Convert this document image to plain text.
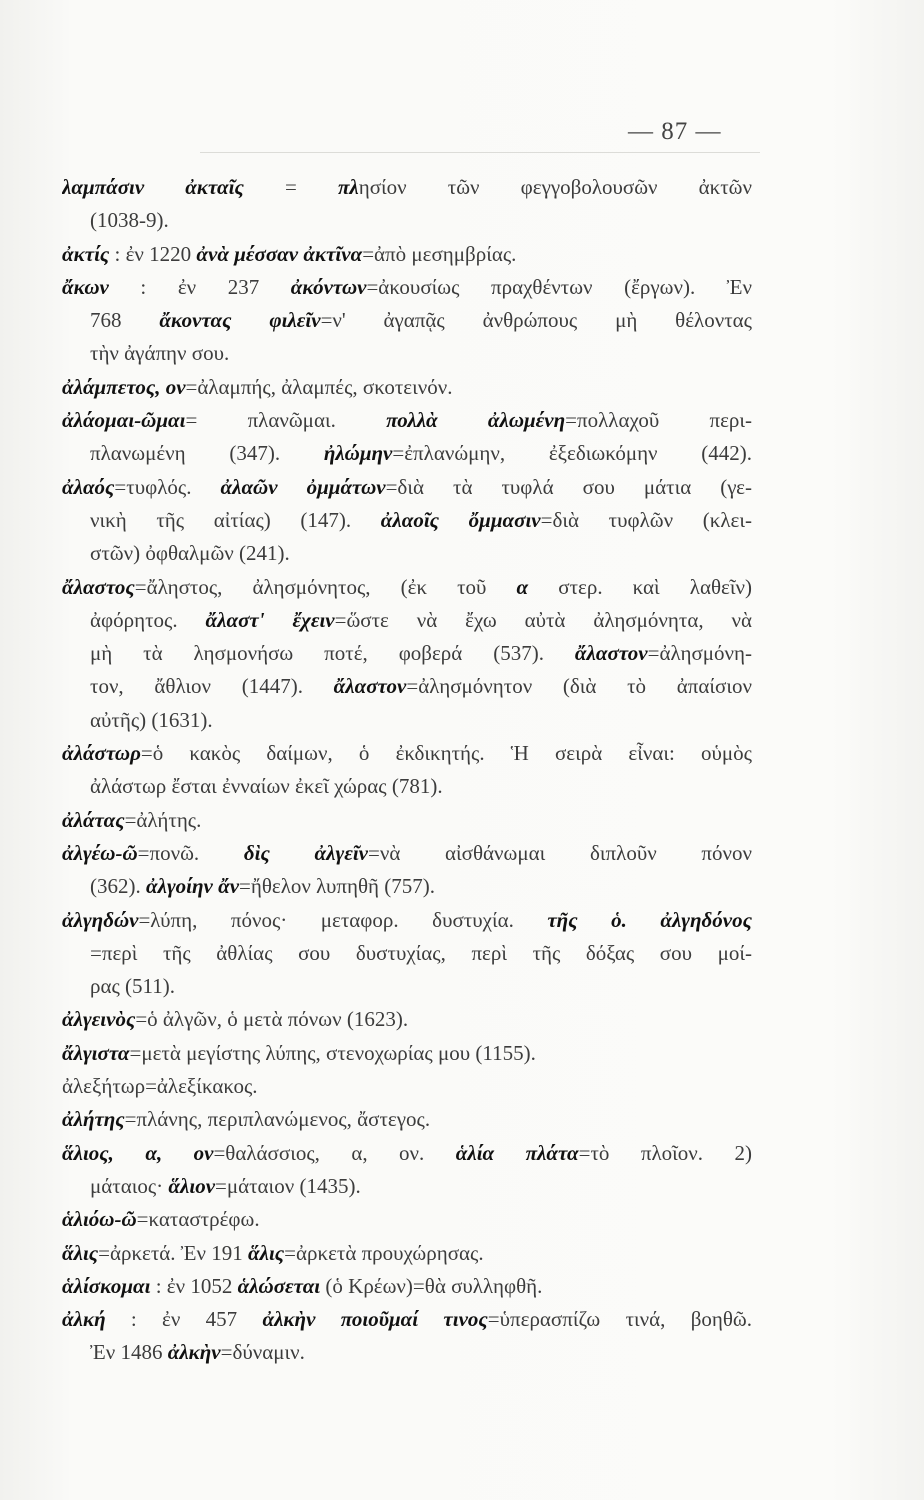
— 87 —
λαμπάσιν ἀκταῖς = πλησίον τῶν φεγγοβολουσῶν ἀκτῶν
(1038-9).
ἀκτίς : ἐν 1220 ἀνὰ μέσσαν ἀκτῖνα=ἀπὸ μεσημβρίας.
ἄκων : ἐν 237 ἀκόντων=ἀκουσίως πραχθέντων (ἔργων). Ἐν
768 ἄκοντας φιλεῖν=ν' ἀγαπᾷς ἀνθρώπους μὴ θέλοντας
τὴν ἀγάπην σου.
ἀλάμπετος, ον=ἀλαμπής, ἀλαμπές, σκοτεινόν.
ἀλάομαι-ῶμαι= πλανῶμαι. πολλὰ ἀλωμένη=πολλαχοῦ περι-
πλανωμένη (347). ἠλώμην=ἐπλανώμην, ἐξεδιωκόμην (442).
ἀλαός=τυφλός. ἀλαῶν ὀμμάτων=διὰ τὰ τυφλά σου μάτια (γε-
νικὴ τῆς αἰτίας) (147). ἀλαοῖς ὄμμασιν=διὰ τυφλῶν (κλει-
στῶν) ὀφθαλμῶν (241).
ἄλαστος=ἄληστος, ἀλησμόνητος, (ἐκ τοῦ α στερ. καὶ λαθεῖν)
ἀφόρητος. ἄλαστ' ἔχειν=ὥστε νὰ ἔχω αὐτὰ ἀλησμόνητα, νὰ
μὴ τὰ λησμονήσω ποτέ, φοβερά (537). ἄλαστον=ἀλησμόνη-
τον, ἄθλιον (1447). ἄλαστον=ἀλησμόνητον (διὰ τὸ ἀπαίσιον
αὐτῆς) (1631).
ἀλάστωρ=ὁ κακὸς δαίμων, ὁ ἐκδικητής. Ἡ σειρὰ εἶναι: οὑμὸς
ἀλάστωρ ἔσται ἐνναίων ἐκεῖ χώρας (781).
ἀλάτας=ἀλήτης.
ἀλγέω-ῶ=πονῶ. δὶς ἀλγεῖν=νὰ αἰσθάνωμαι διπλοῦν πόνον
(362). ἀλγοίην ἄν=ἤθελον λυπηθῆ (757).
ἀλγηδών=λύπη, πόνος· μεταφορ. δυστυχία. τῆς ὁ. ἀλγηδόνος
=περὶ τῆς ἀθλίας σου δυστυχίας, περὶ τῆς δόξας σου μοί-
ρας (511).
ἀλγεινὸς=ὁ ἀλγῶν, ὁ μετὰ πόνων (1623).
ἄλγιστα=μετὰ μεγίστης λύπης, στενοχωρίας μου (1155).
ἀλεξήτωρ=ἀλεξίκακος.
ἀλήτης=πλάνης, περιπλανώμενος, ἄστεγος.
ἅλιος, α, ον=θαλάσσιος, α, ον. ἁλία πλάτα=τὸ πλοῖον. 2)
μάταιος· ἅλιον=μάταιον (1435).
ἁλιόω-ῶ=καταστρέφω.
ἅλις=ἀρκετά. Ἐν 191 ἅλις=ἀρκετὰ προυχώρησας.
ἁλίσκομαι : ἐν 1052 ἁλώσεται (ὁ Κρέων)=θὰ συλληφθῆ.
ἀλκή : ἐν 457 ἀλκὴν ποιοῦμαί τινος=ὑπερασπίζω τινά, βοηθῶ.
Ἐν 1486 ἀλκὴν=δύναμιν.
